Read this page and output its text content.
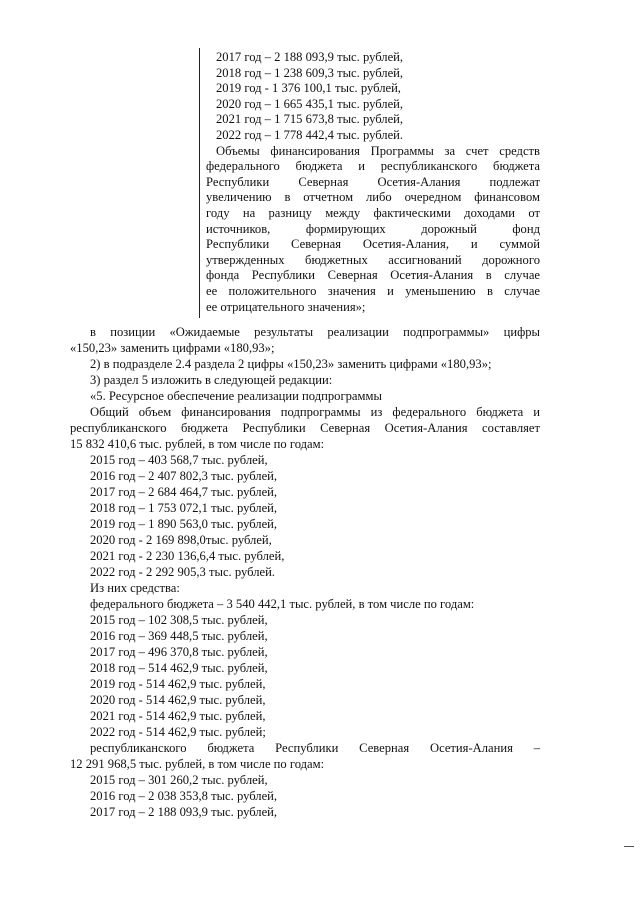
2017 год – 2 188 093,9 тыс. рублей,
2018 год – 1 238 609,3 тыс. рублей,
2019 год - 1 376 100,1 тыс. рублей,
2020 год – 1 665 435,1 тыс. рублей,
2021 год – 1 715 673,8 тыс. рублей,
2022 год – 1 778 442,4 тыс. рублей.
Объемы финансирования Программы за счет средств
федерального бюджета и республиканского бюджета
Республики Северная Осетия-Алания подлежат
увеличению в отчетном либо очередном финансовом
году на разницу между фактическими доходами от
источников, формирующих дорожный фонд
Республики Северная Осетия-Алания, и суммой
утвержденных бюджетных ассигнований дорожного
фонда Республики Северная Осетия-Алания в случае
ее положительного значения и уменьшению в случае
ее отрицательного значения»;
в позиции «Ожидаемые результаты реализации подпрограммы» цифры
«150,23» заменить цифрами «180,93»;
2) в подразделе 2.4 раздела 2 цифры «150,23» заменить цифрами «180,93»;
3) раздел 5 изложить в следующей редакции:
«5. Ресурсное обеспечение реализации подпрограммы
Общий объем финансирования подпрограммы из федерального бюджета и
республиканского бюджета Республики Северная Осетия-Алания составляет
15 832 410,6 тыс. рублей, в том числе по годам:
2015 год – 403 568,7 тыс. рублей,
2016 год – 2 407 802,3 тыс. рублей,
2017 год – 2 684 464,7 тыс. рублей,
2018 год – 1 753 072,1 тыс. рублей,
2019 год – 1 890 563,0 тыс. рублей,
2020 год - 2 169 898,0тыс. рублей,
2021 год - 2 230 136,6,4 тыс. рублей,
2022 год - 2 292 905,3 тыс. рублей.
Из них средства:
федерального бюджета – 3 540 442,1 тыс. рублей, в том числе по годам:
2015 год – 102 308,5 тыс. рублей,
2016 год – 369 448,5 тыс. рублей,
2017 год – 496 370,8 тыс. рублей,
2018 год – 514 462,9 тыс. рублей,
2019 год - 514 462,9 тыс. рублей,
2020 год - 514 462,9 тыс. рублей,
2021 год - 514 462,9 тыс. рублей,
2022 год - 514 462,9 тыс. рублей;
республиканского бюджета Республики Северная Осетия-Алания –
12 291 968,5 тыс. рублей, в том числе по годам:
2015 год – 301 260,2 тыс. рублей,
2016 год – 2 038 353,8 тыс. рублей,
2017 год – 2 188 093,9 тыс. рублей,
